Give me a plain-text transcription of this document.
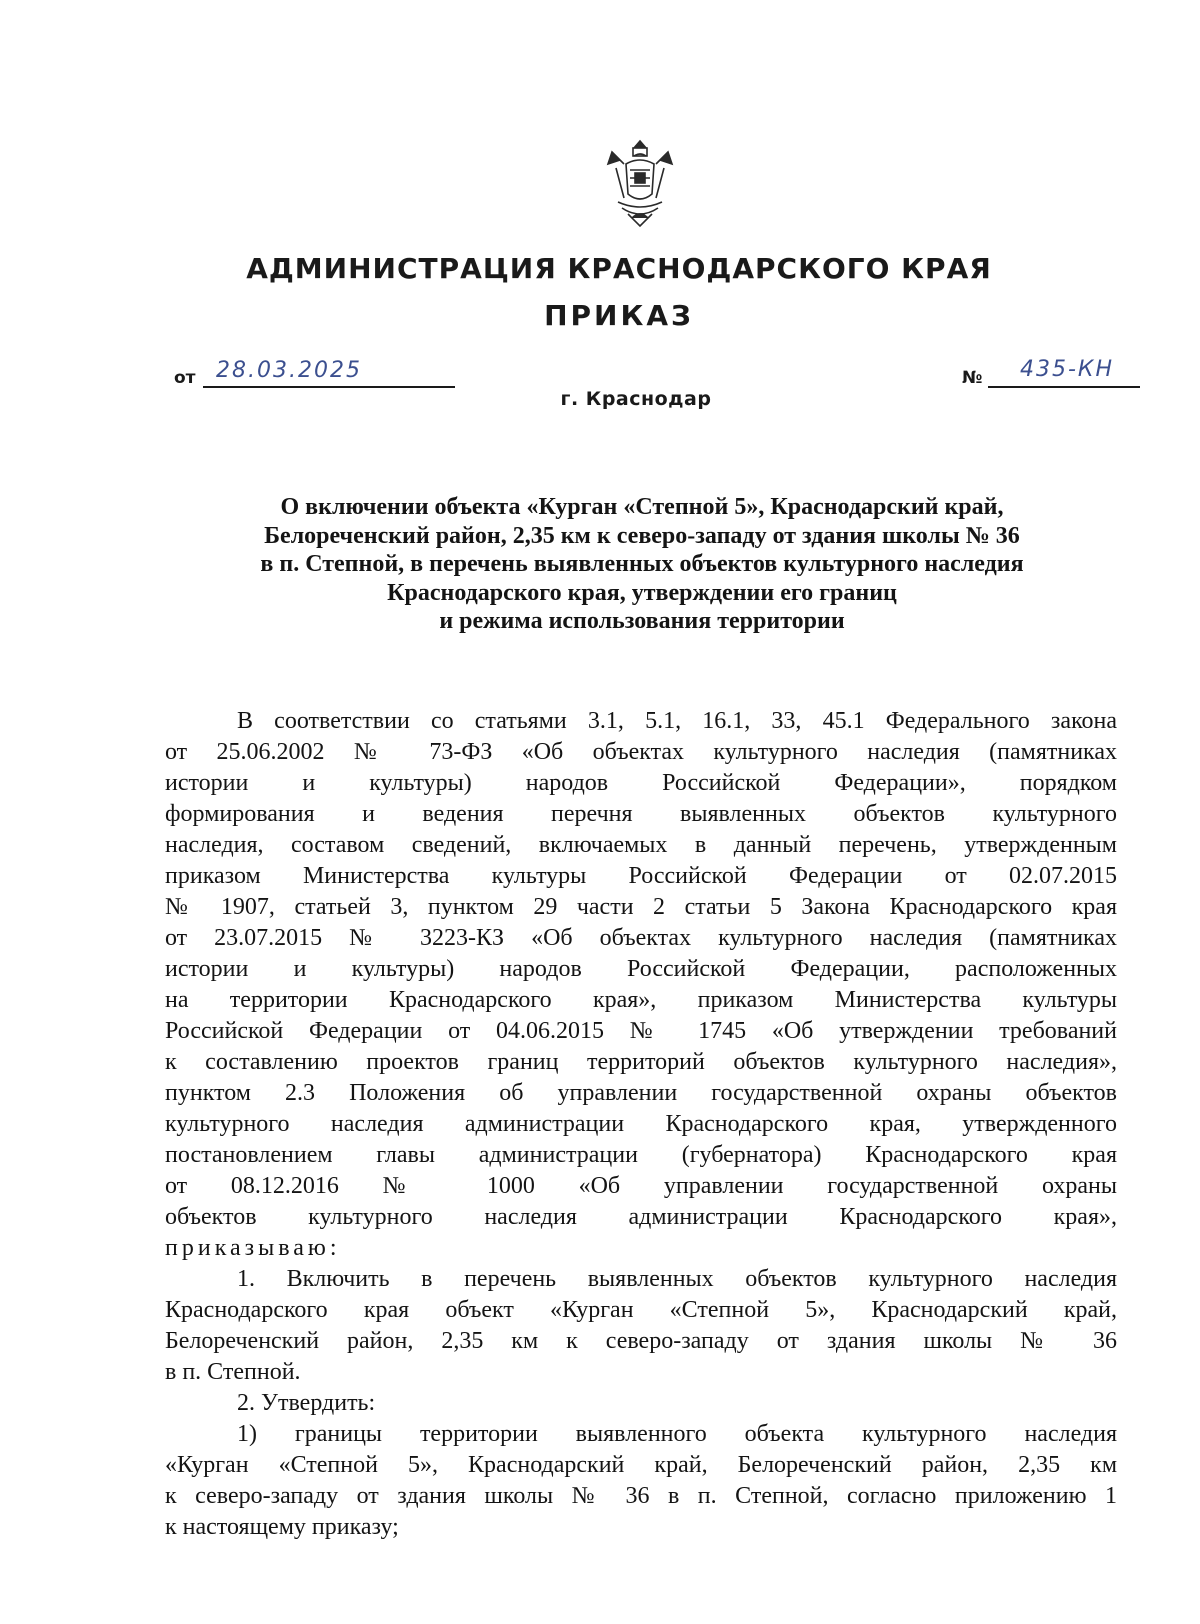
АДМИНИСТРАЦИЯ КРАСНОДАРСКОГО КРАЯ
ПРИКАЗ
от 28.03.2025	№ 435-КН
г. Краснодар
О включении объекта «Курган «Степной 5», Краснодарский край,
Белореченский район, 2,35 км к северо-западу от здания школы № 36
в п. Степной, в перечень выявленных объектов культурного наследия
Краснодарского края, утверждении его границ
и режима использования территории
В соответствии со статьями 3.1, 5.1, 16.1, 33, 45.1 Федерального закона
от 25.06.2002 № 73-ФЗ «Об объектах культурного наследия (памятниках
истории и культуры) народов Российской Федерации», порядком
формирования и ведения перечня выявленных объектов культурного
наследия, составом сведений, включаемых в данный перечень, утвержденным
приказом Министерства культуры Российской Федерации от 02.07.2015
№ 1907, статьей 3, пунктом 29 части 2 статьи 5 Закона Краснодарского края
от 23.07.2015 № 3223-КЗ «Об объектах культурного наследия (памятниках
истории и культуры) народов Российской Федерации, расположенных
на территории Краснодарского края», приказом Министерства культуры
Российской Федерации от 04.06.2015 № 1745 «Об утверждении требований
к составлению проектов границ территорий объектов культурного наследия»,
пунктом 2.3 Положения об управлении государственной охраны объектов
культурного наследия администрации Краснодарского края, утвержденного
постановлением главы администрации (губернатора) Краснодарского края
от 08.12.2016 № 1000 «Об управлении государственной охраны
объектов культурного наследия администрации Краснодарского края»,
приказываю:
1. Включить в перечень выявленных объектов культурного наследия
Краснодарского края объект «Курган «Степной 5», Краснодарский край,
Белореченский район, 2,35 км к северо-западу от здания школы № 36
в п. Степной.
2. Утвердить:
1) границы территории выявленного объекта культурного наследия
«Курган «Степной 5», Краснодарский край, Белореченский район, 2,35 км
к северо-западу от здания школы № 36 в п. Степной, согласно приложению 1
к настоящему приказу;
